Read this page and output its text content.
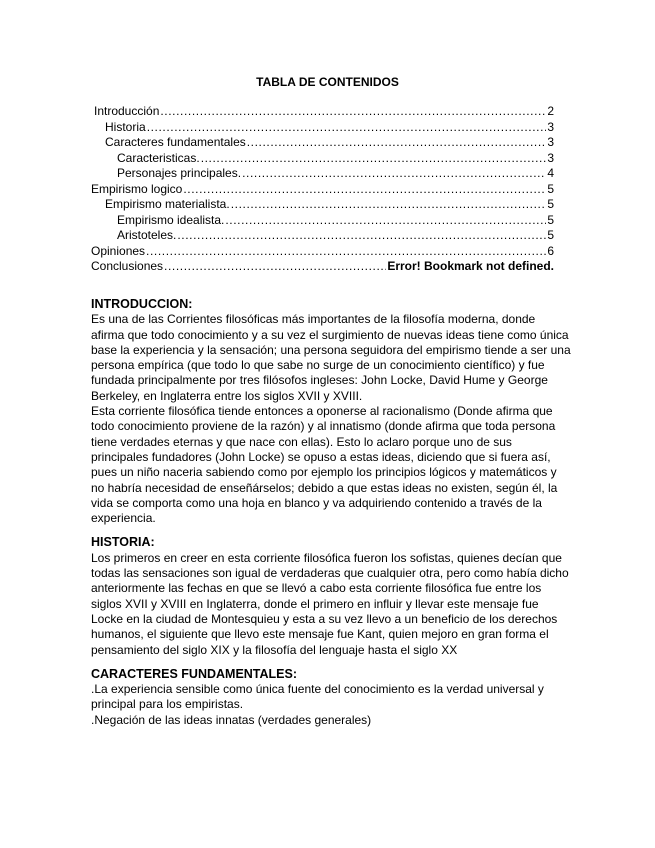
TABLA DE CONTENIDOS
Introducción .....	2
Historia .....	3
Caracteres fundamentales .....	3
Caracteristicas. .....	3
Personajes principales. .....	4
Empirismo logico .....	5
Empirismo materialista. .....	5
Empirismo idealista. .....	5
Aristoteles. .....	5
Opiniones .....	6
Conclusiones .....	Error! Bookmark not defined.

INTRODUCCION:

Es una de las Corrientes filosóficas más importantes de la filosofía moderna, donde afirma que todo conocimiento y a su vez el surgimiento de nuevas ideas tiene como única base la experiencia y la sensación; una persona seguidora del empirismo tiende a ser una persona empírica (que todo lo que sabe no surge de un conocimiento científico) y fue fundada principalmente por tres filósofos ingleses: John Locke, David Hume y George Berkeley, en Inglaterra entre los siglos XVII y XVIII.

Esta corriente filosófica tiende entonces a oponerse al racionalismo (Donde afirma que todo conocimiento proviene de la razón) y al innatismo (donde afirma que toda persona tiene verdades eternas y que nace con ellas). Esto lo aclaro porque uno de sus principales fundadores (John Locke) se opuso a estas ideas, diciendo que si fuera así, pues un niño naceria sabiendo como por ejemplo los principios lógicos y matemáticos y no habría necesidad de enseñárselos; debido a que estas ideas no existen, según él, la vida se comporta como una hoja en blanco y va adquiriendo contenido a través de la experiencia.

HISTORIA:

Los primeros en creer en esta corriente filosófica fueron los sofistas, quienes decían que todas las sensaciones son igual de verdaderas que cualquier otra, pero como había dicho anteriormente las fechas en que se llevó a cabo esta corriente filosófica fue entre los siglos XVII y XVIII en Inglaterra, donde el primero en influir y llevar este mensaje fue Locke en la ciudad de Montesquieu y esta a su vez llevo a un beneficio de los derechos humanos, el siguiente que llevo este mensaje fue Kant, quien mejoro en gran forma el pensamiento del siglo XIX y la filosofía del lenguaje hasta el siglo XX

CARACTERES FUNDAMENTALES:

.La experiencia sensible como única fuente del conocimiento es la verdad universal y principal para los empiristas.

.Negación de las ideas innatas (verdades generales)
